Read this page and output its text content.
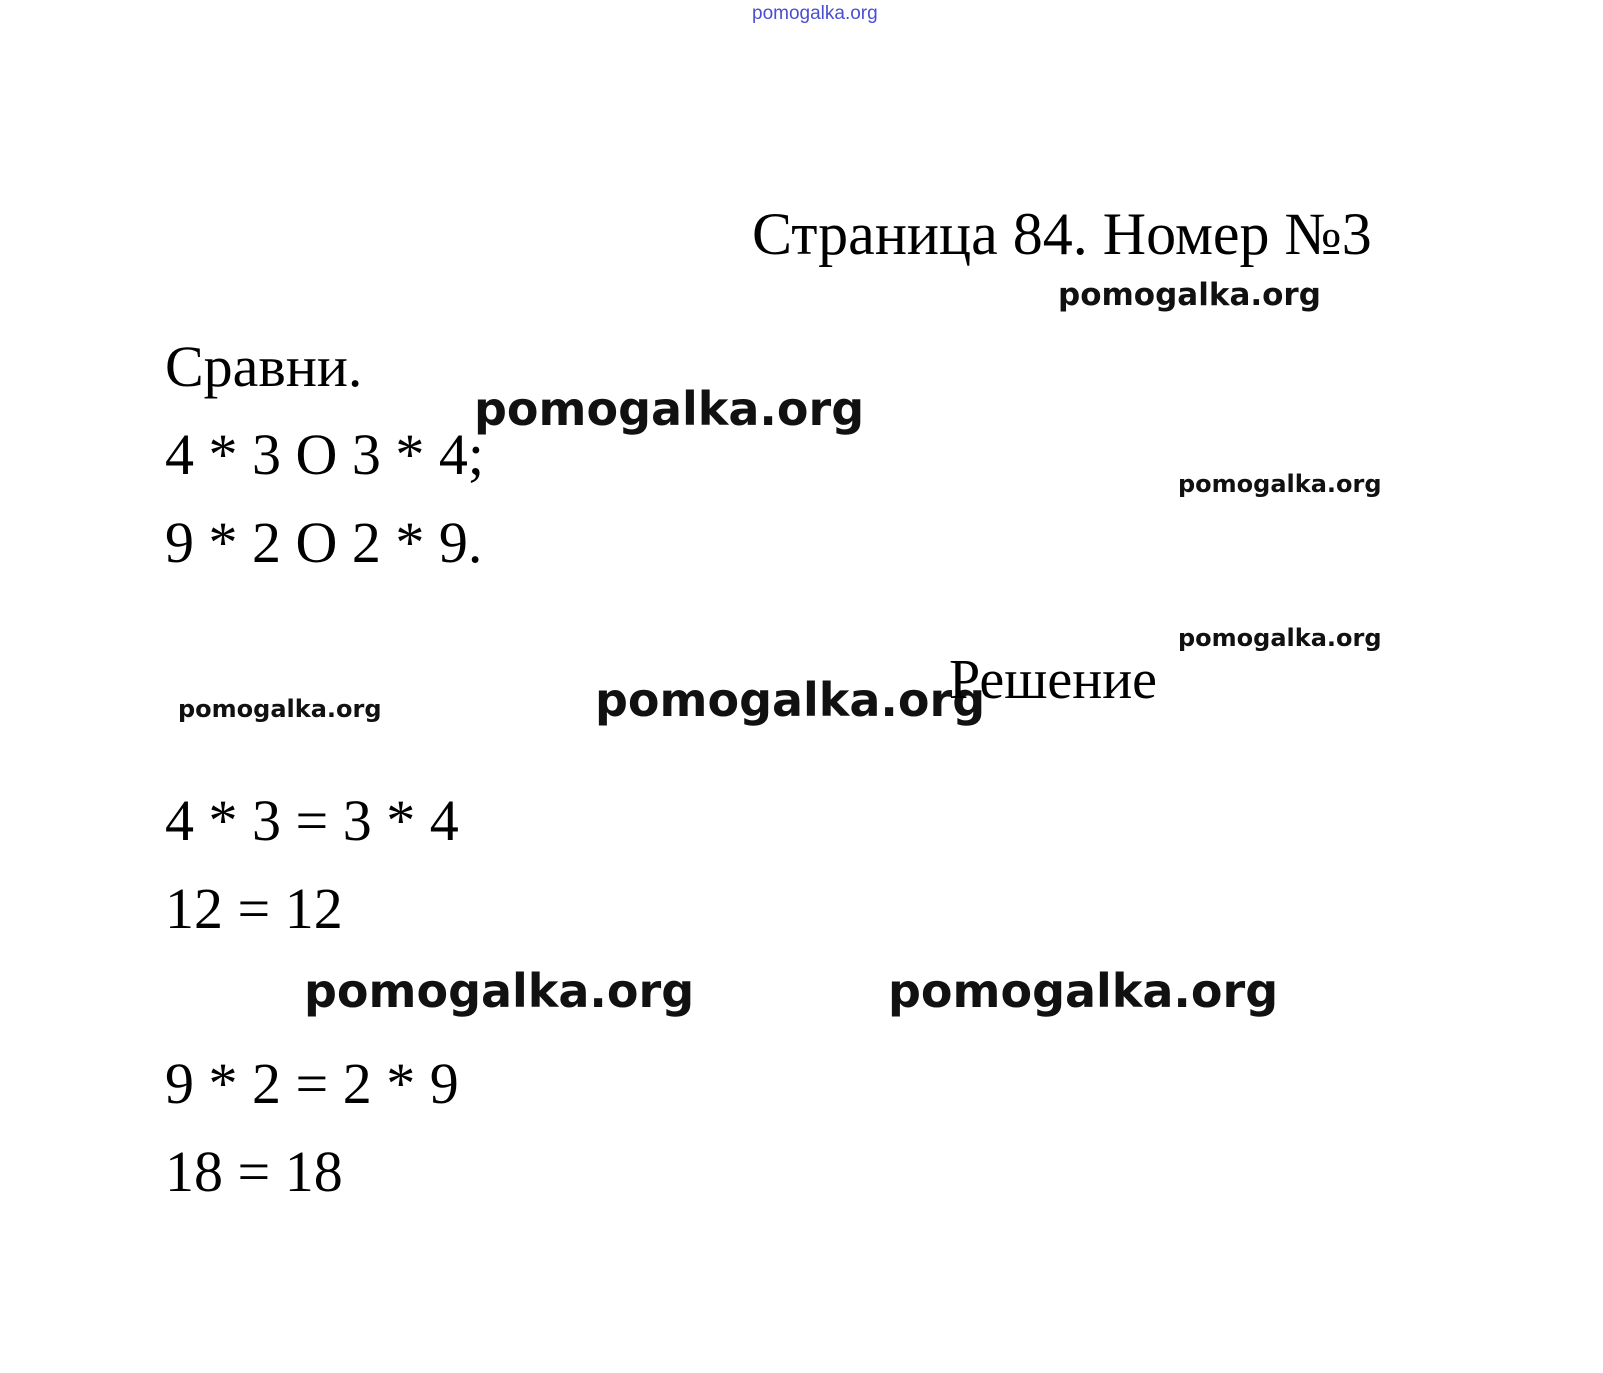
pomogalka.org
Страница 84. Номер №3
pomogalka.org
Сравни.
pomogalka.org
4 * 3 O 3 * 4;	pomogalka.org
9 * 2 O 2 * 9.
pomogalka.org
pomogalka.org	pomogalka.org
Решение
4 * 3 = 3 * 4
12 = 12
pomogalka.org	pomogalka.org
9 * 2 = 2 * 9
18 = 18
